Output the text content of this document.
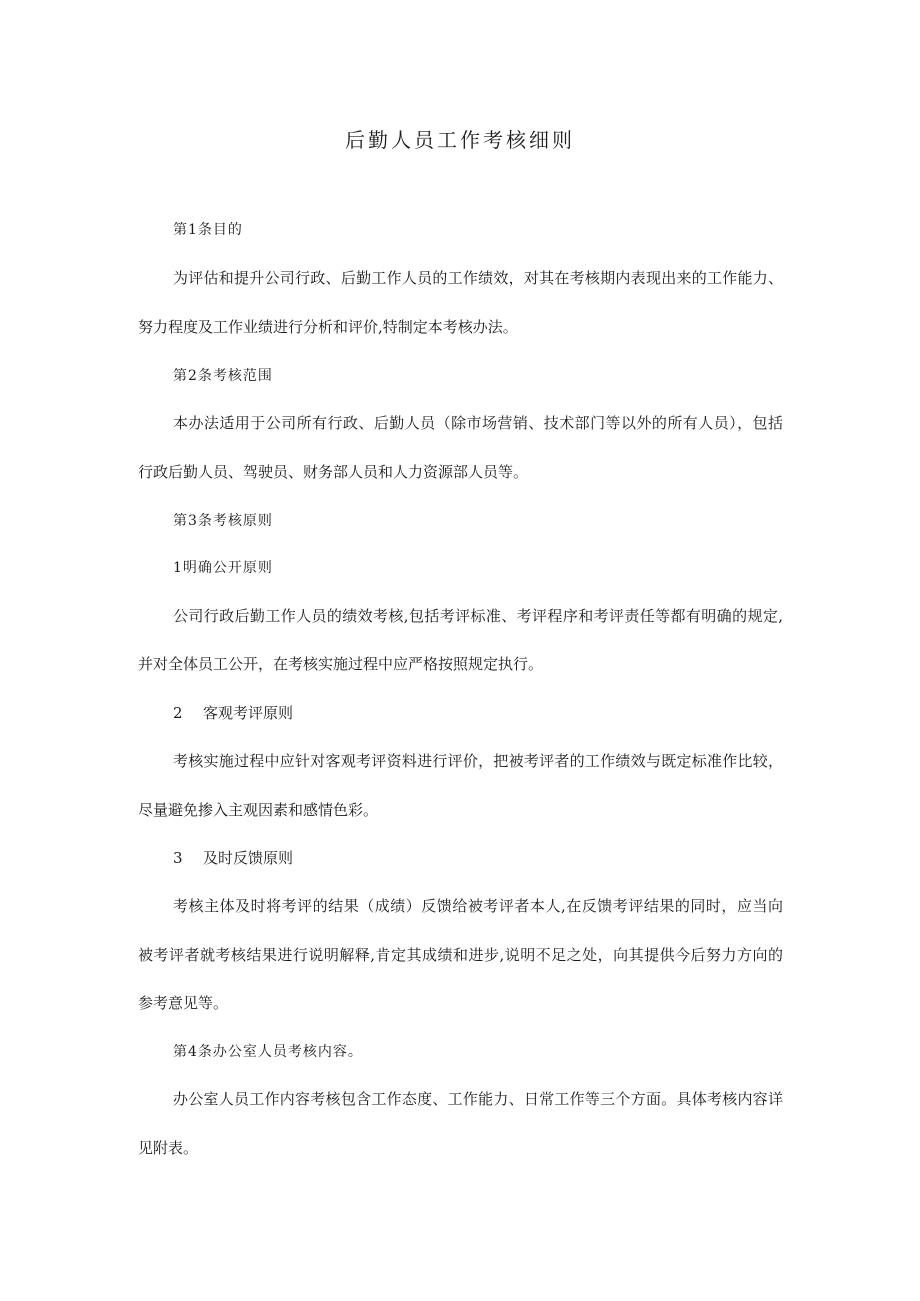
后勤人员工作考核细则
第1条目的
为评估和提升公司行政、后勤工作人员的工作绩效，对其在考核期内表现出来的工作能力、
努力程度及工作业绩进行分析和评价,特制定本考核办法。
第2条考核范围
本办法适用于公司所有行政、后勤人员（除市场营销、技术部门等以外的所有人员），包括
行政后勤人员、驾驶员、财务部人员和人力资源部人员等。
第3条考核原则
1明确公开原则
公司行政后勤工作人员的绩效考核,包括考评标准、考评程序和考评责任等都有明确的规定,
并对全体员工公开，在考核实施过程中应严格按照规定执行。
2 客观考评原则
考核实施过程中应针对客观考评资料进行评价，把被考评者的工作绩效与既定标准作比较，
尽量避免掺入主观因素和感情色彩。
3 及时反馈原则
考核主体及时将考评的结果（成绩）反馈给被考评者本人,在反馈考评结果的同时，应当向
被考评者就考核结果进行说明解释,肯定其成绩和进步,说明不足之处，向其提供今后努力方向的
参考意见等。
第4条办公室人员考核内容。
办公室人员工作内容考核包含工作态度、工作能力、日常工作等三个方面。具体考核内容详
见附表。
